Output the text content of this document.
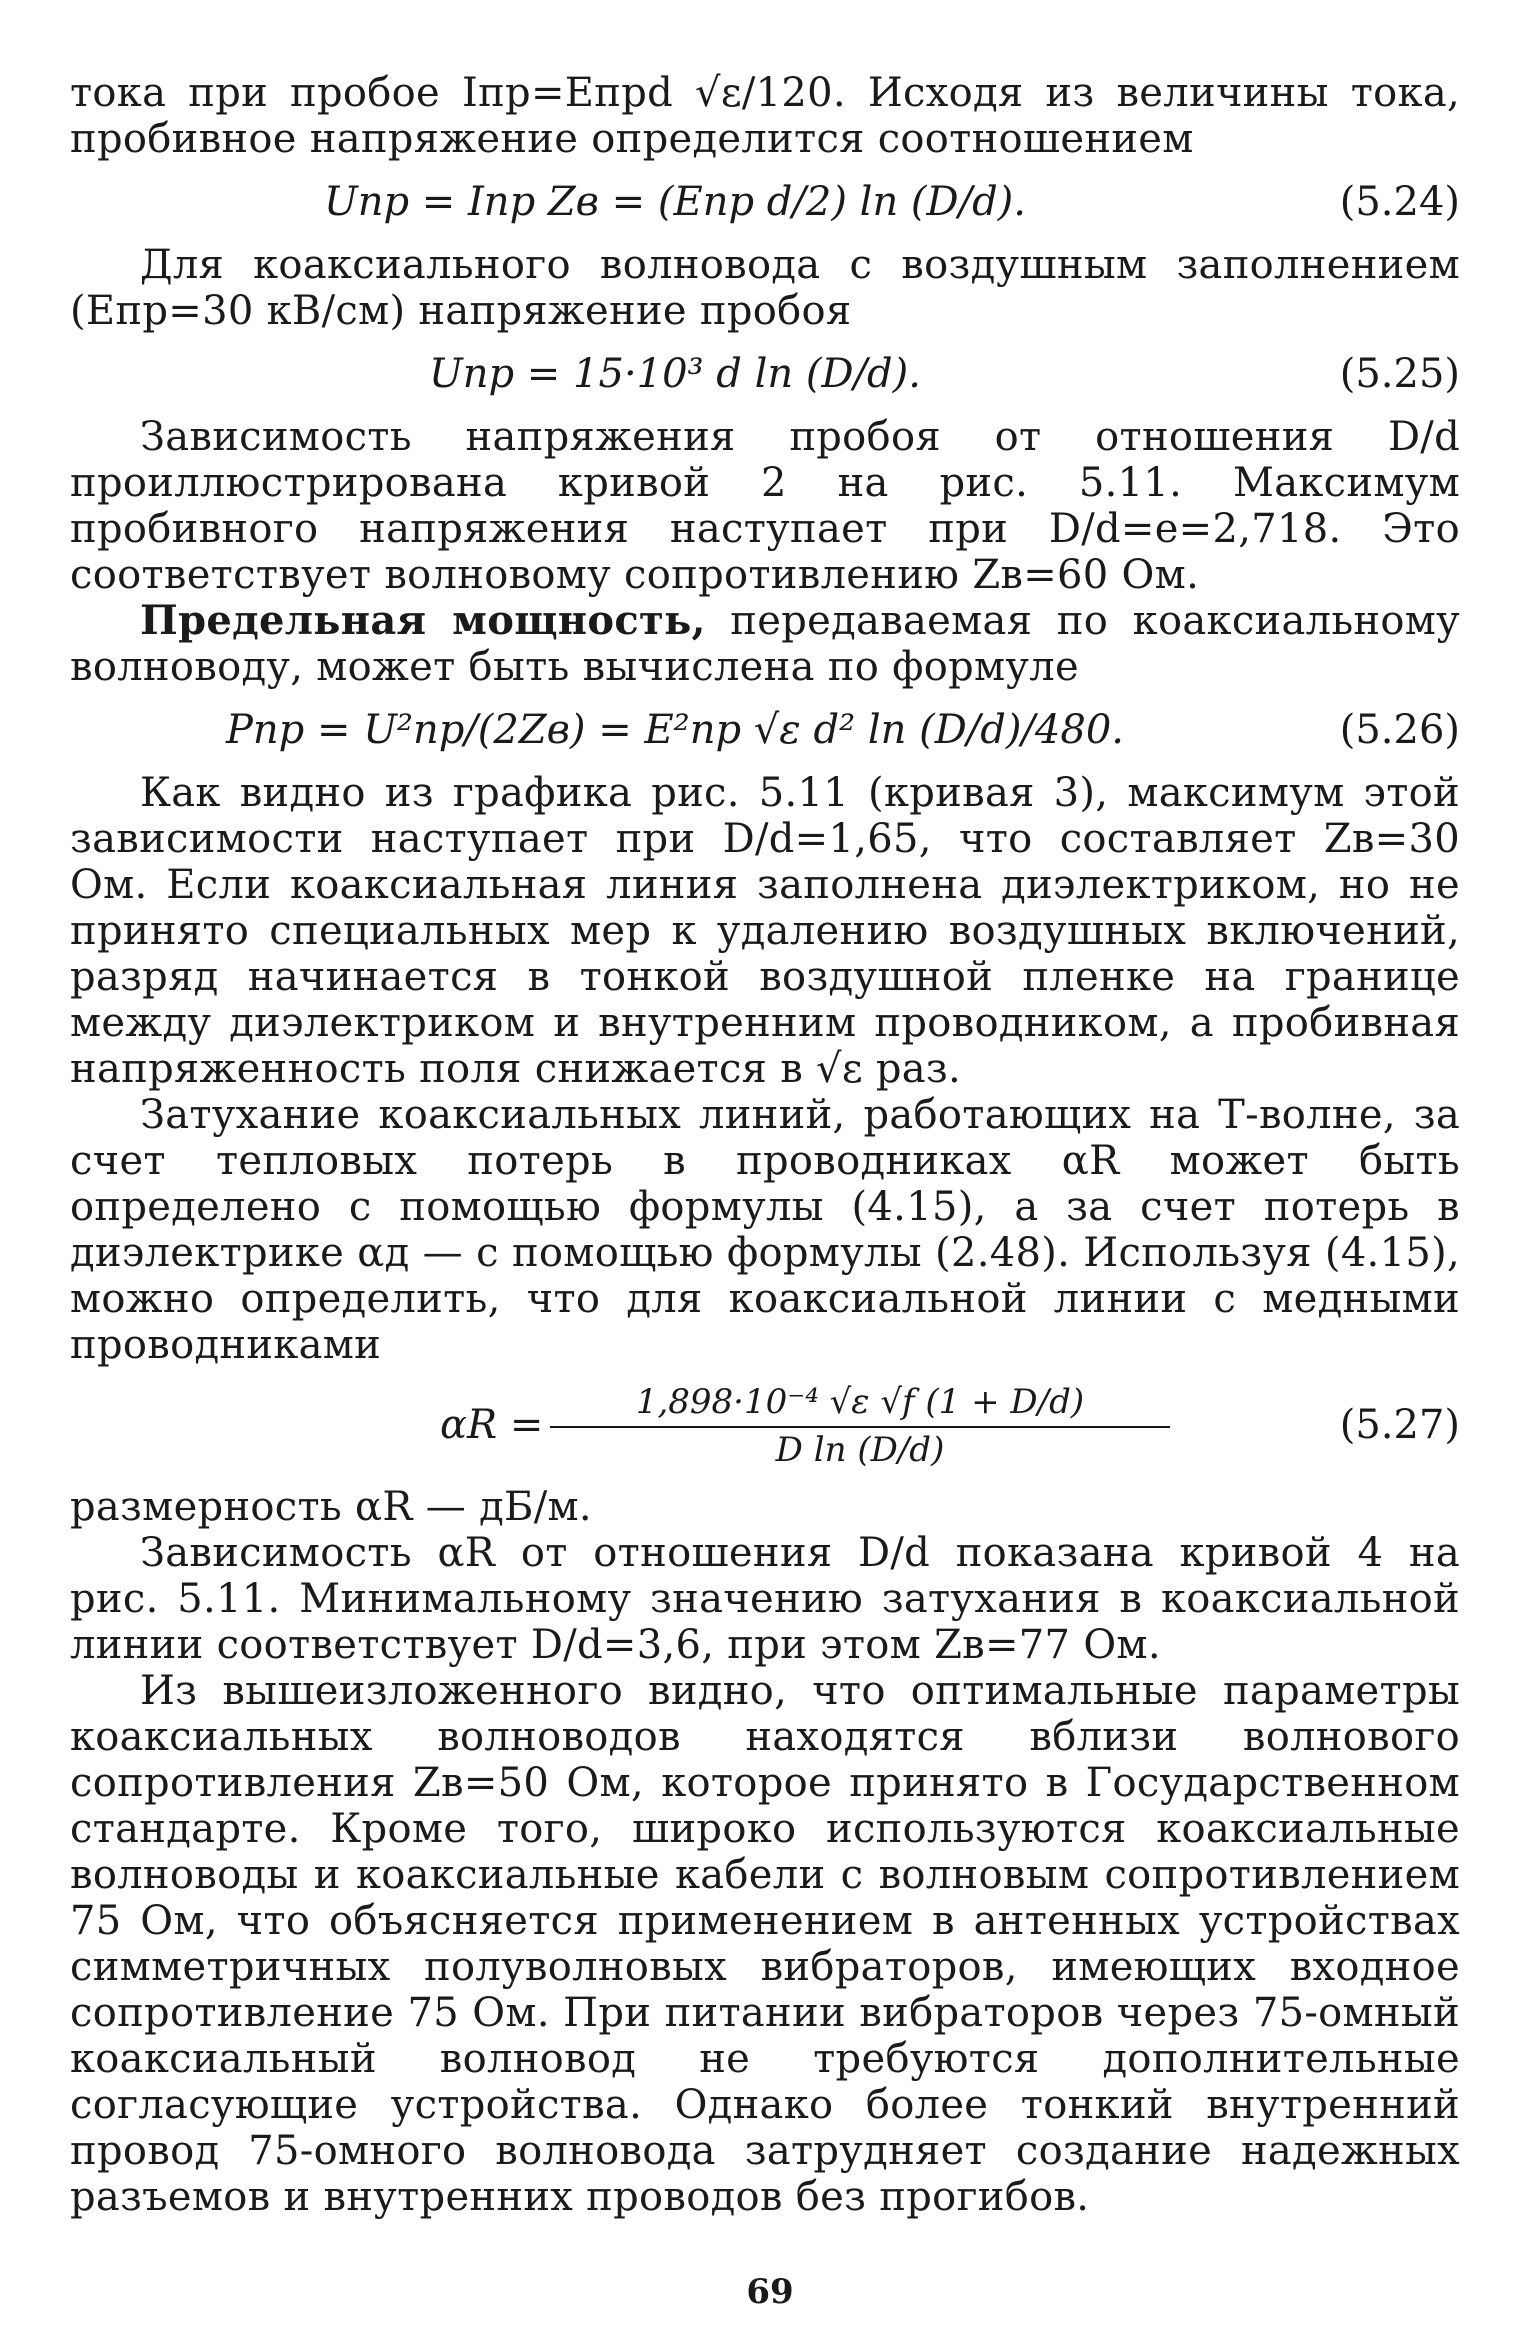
тока при пробое Iпр=Eпрd √ε/120. Исходя из величины тока, пробивное напряжение определится соотношением

Uпр = Iпр Zв = (Eпр d/2) ln (D/d).	(5.24)

Для коаксиального волновода с воздушным заполнением (Eпр=30 кВ/см) напряжение пробоя

Uпр = 15·10³ d ln (D/d).	(5.25)

Зависимость напряжения пробоя от отношения D/d проиллюстрирована кривой 2 на рис. 5.11. Максимум пробивного напряжения наступает при D/d=e=2,718. Это соответствует волновому сопротивлению Zв=60 Ом.

Предельная мощность, передаваемая по коаксиальному волноводу, может быть вычислена по формуле

Pпр = U²пр/(2Zв) = E²пр √ε d² ln (D/d)/480.	(5.26)

Как видно из графика рис. 5.11 (кривая 3), максимум этой зависимости наступает при D/d=1,65, что составляет Zв=30 Ом. Если коаксиальная линия заполнена диэлектриком, но не принято специальных мер к удалению воздушных включений, разряд начинается в тонкой воздушной пленке на границе между диэлектриком и внутренним проводником, а пробивная напряженность поля снижается в √ε раз.

Затухание коаксиальных линий, работающих на Т-волне, за счет тепловых потерь в проводниках αR может быть определено с помощью формулы (4.15), а за счет потерь в диэлектрике αд — с помощью формулы (2.48). Используя (4.15), можно определить, что для коаксиальной линии с медными проводниками

$\alpha R = \frac{\text{1,898·10⁻⁴ √ε √f (1 + D/d)}}{\text{D ln (D/d)}}$	(5.27)

размерность αR — дБ/м.

Зависимость αR от отношения D/d показана кривой 4 на рис. 5.11. Минимальному значению затухания в коаксиальной линии соответствует D/d=3,6, при этом Zв=77 Ом.

Из вышеизложенного видно, что оптимальные параметры коаксиальных волноводов находятся вблизи волнового сопротивления Zв=50 Ом, которое принято в Государственном стандарте. Кроме того, широко используются коаксиальные волноводы и коаксиальные кабели с волновым сопротивлением 75 Ом, что объясняется применением в антенных устройствах симметричных полуволновых вибраторов, имеющих входное сопротивление 75 Ом. При питании вибраторов через 75-омный коаксиальный волновод не требуются дополнительные согласующие устройства. Однако более тонкий внутренний провод 75-омного волновода затрудняет создание надежных разъемов и внутренних проводов без прогибов.

69
